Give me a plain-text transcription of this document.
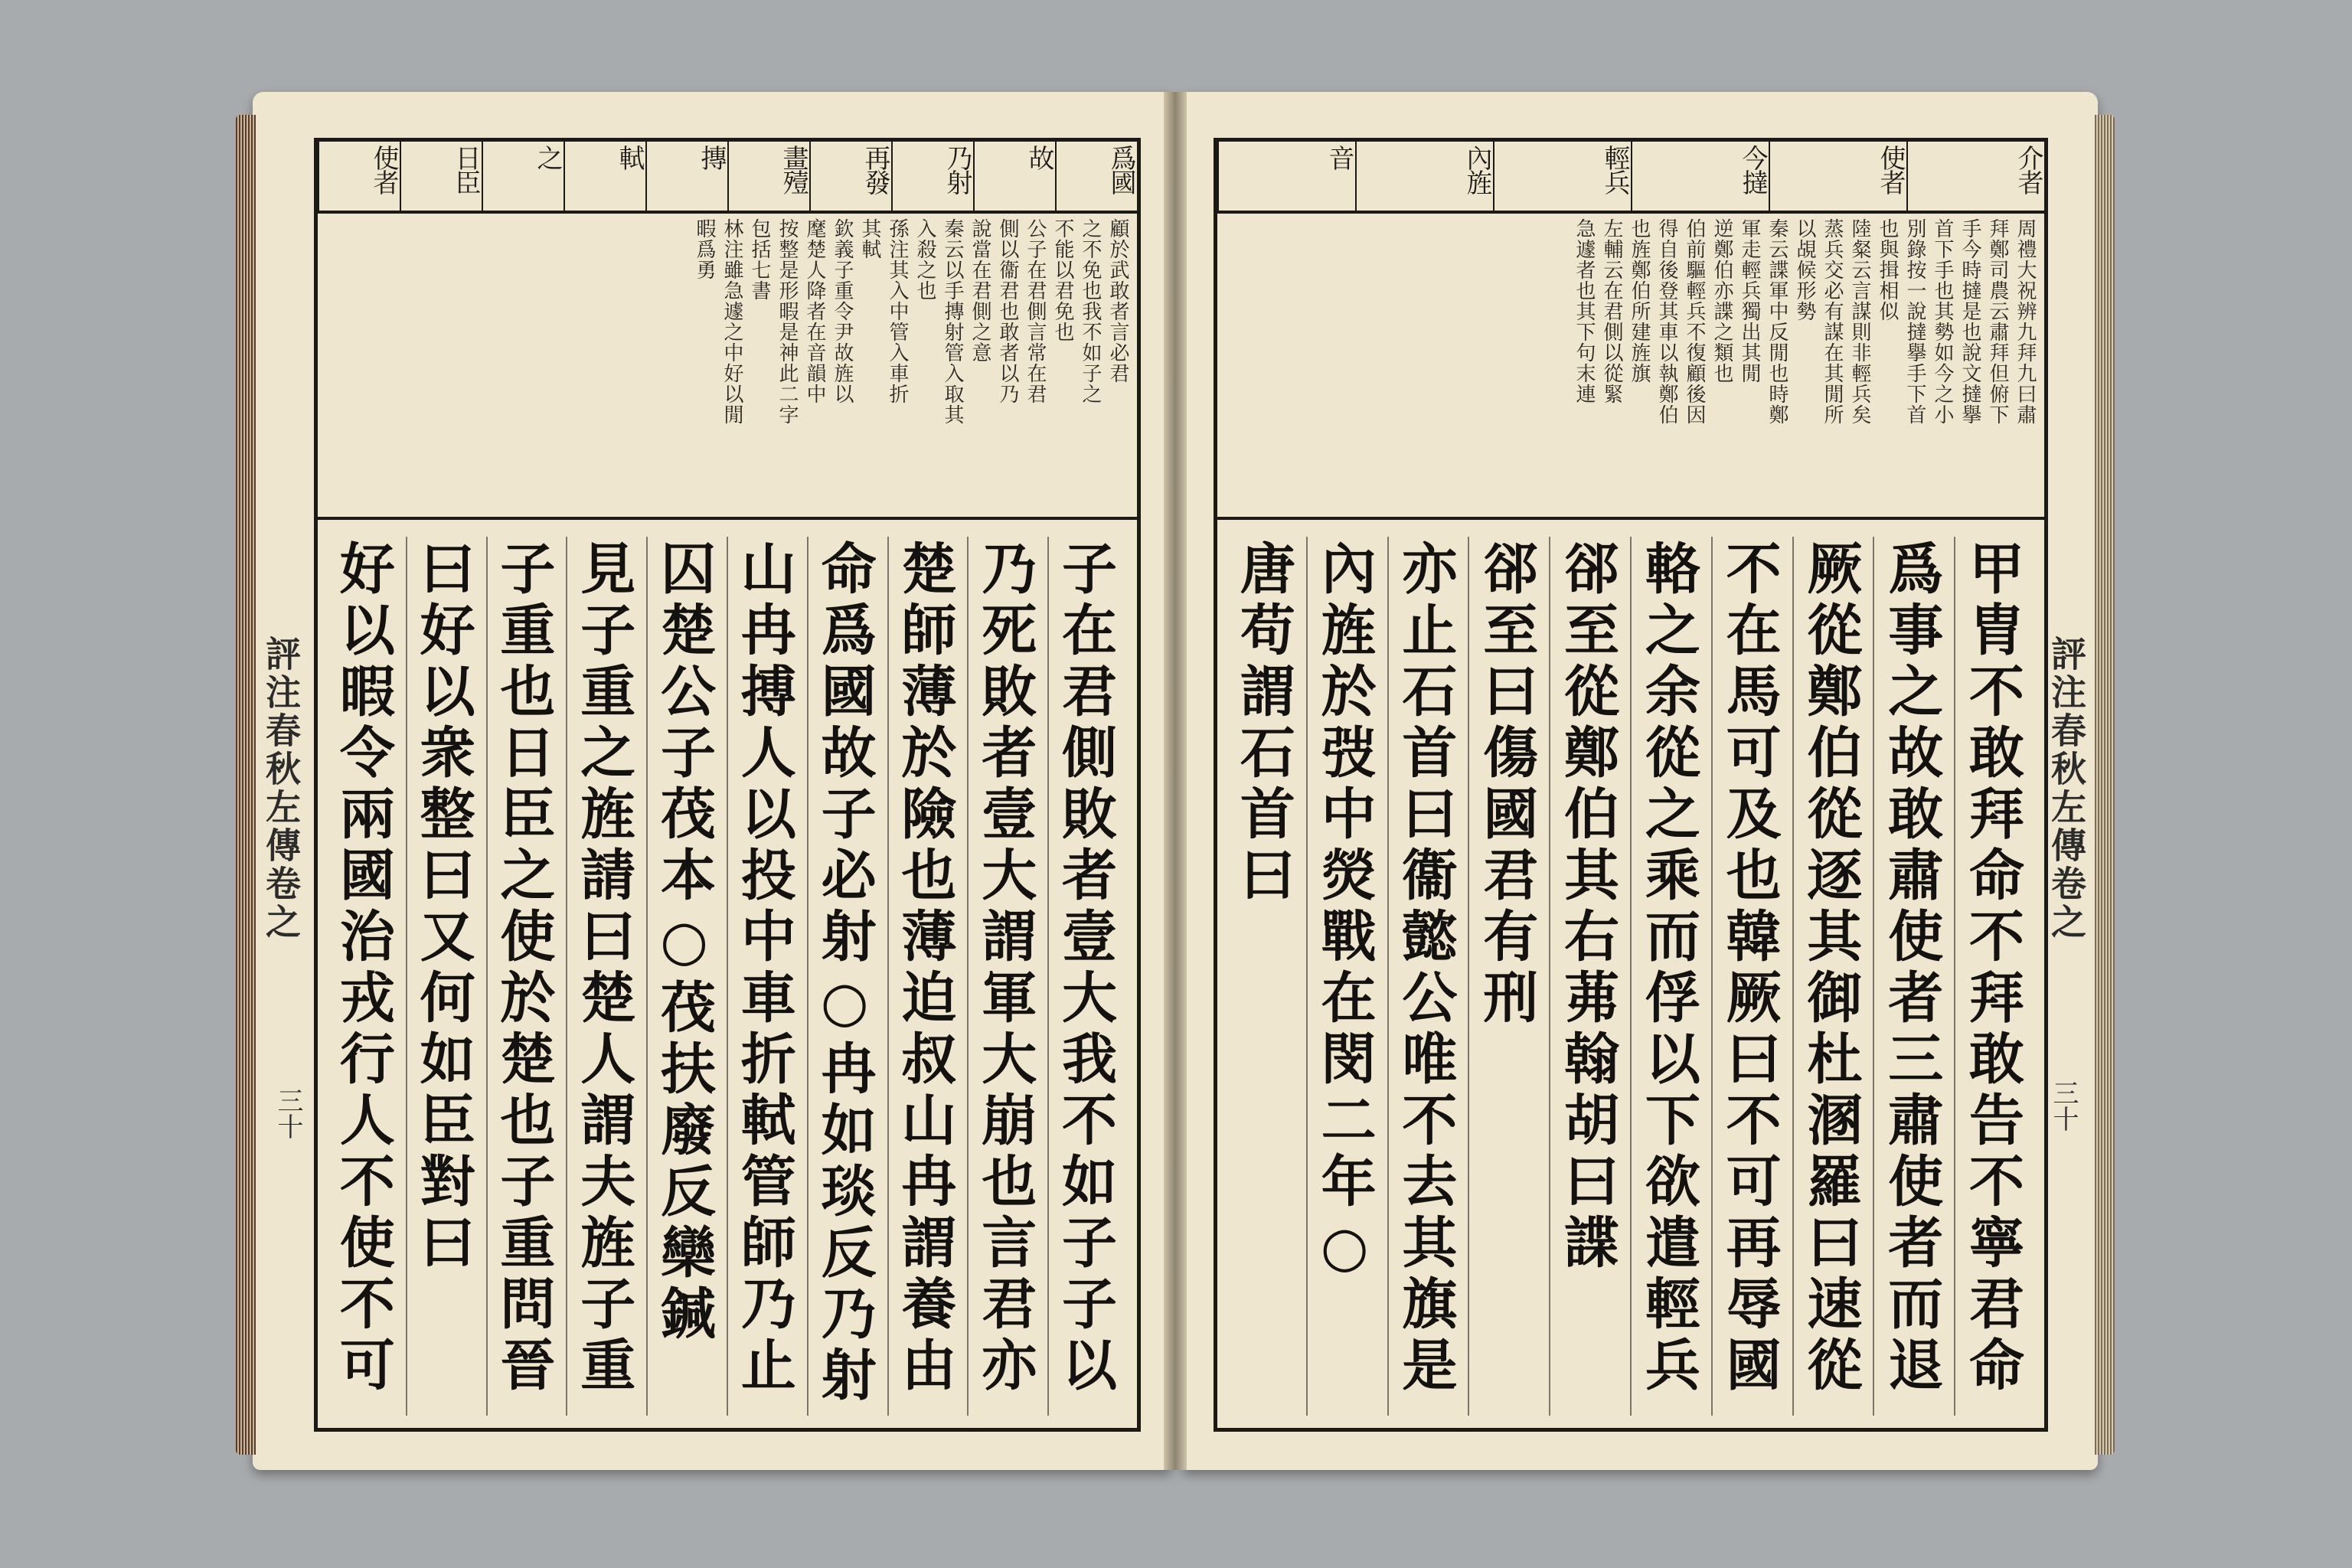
評注春秋左傳卷之
三十
爲國
故
乃射
再發
畫殪
摶
軾
之
日臣
使者
顧於武敢者言必君
之不免也我不如子之
不能以君免也
公子在君側言常在君
側以衞君也敢者以乃
說當在君側之意
秦云以手摶射管入取其
入殺之也
孫注其入中管入車折
其軾
欽義子重令尹故旌以
麾楚人降者在音韻中
按整是形暇是神此二字
包括七書
林注雖急遽之中好以閒
暇爲勇
子在君側敗者壹大我不如子子以
乃死敗者壹大謂軍大崩也言君亦
楚師薄於險也薄迫叔山冉謂養由
命爲國故子必射○冉如琰反乃射
山冉搏人以投中車折軾管師乃止
囚楚公子茷本○茷扶廢反欒鍼
見子重之旌請曰楚人謂夫旌子重
子重也日臣之使於楚也子重問晉
曰好以衆整曰又何如臣對曰
好以暇令兩國治戎行人不使不可
評注春秋左傳卷之
三十
介者
使者
今撻
輕兵
內旌
音
周禮大祝辨九拜九曰肅
拜鄭司農云肅拜但俯下
手今時撻是也說文撻擧
首下手也其勢如今之小
別錄按一說撻擧手下首
也與揖相似
陸粲云言謀則非輕兵矣
蒸兵交必有謀在其閒所
以覘候形勢
秦云諜軍中反閒也時鄭
軍走輕兵獨出其閒
逆鄭伯亦諜之類也
伯前驅輕兵不復顧後因
得自後登其車以執鄭伯
也旌鄭伯所建旌旗
左輔云在君側以從緊
急遽者也其下句末連
甲胄不敢拜命不拜敢告不寧君命
爲事之故敢肅使者三肅使者而退
厥從鄭伯從逐其御杜溷羅曰速從
不在馬可及也韓厥曰不可再辱國
輅之余從之乘而俘以下欲遣輕兵
郤至從鄭伯其右茀翰胡曰諜
郤至曰傷國君有刑
亦止石首曰衞懿公唯不去其旗是
內旌於弢中熒戰在閔二年○
唐苟謂石首曰
